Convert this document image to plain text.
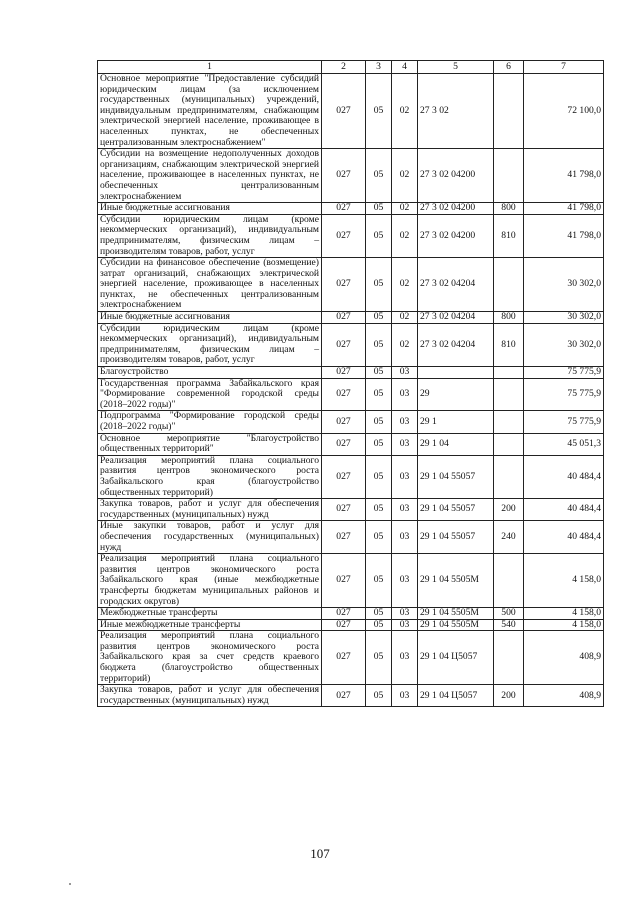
1	2	3	4	5	6	7
Основное мероприятие "Предоставление субсидий юридическим лицам (за исключением государственных (муниципальных) учреждений, индивидуальным предпринимателям, снабжающим электрической энергией население, проживающее в населенных пунктах, не обеспеченных централизованным электроснабжением"	027	05	02	27 3 02		72 100,0
Субсидии на возмещение недополученных доходов организациям, снабжающим электрической энергией население, проживающее в населенных пунктах, не обеспеченных централизованным электроснабжением	027	05	02	27 3 02 04200		41 798,0
Иные бюджетные ассигнования	027	05	02	27 3 02 04200	800	41 798,0
Субсидии юридическим лицам (кроме некоммерческих организаций), индивидуальным предпринимателям, физическим лицам – производителям товаров, работ, услуг	027	05	02	27 3 02 04200	810	41 798,0
Субсидии на финансовое обеспечение (возмещение) затрат организаций, снабжающих электрической энергией население, проживающее в населенных пунктах, не обеспеченных централизованным электроснабжением	027	05	02	27 3 02 04204		30 302,0
Иные бюджетные ассигнования	027	05	02	27 3 02 04204	800	30 302,0
Субсидии юридическим лицам (кроме некоммерческих организаций), индивидуальным предпринимателям, физическим лицам – производителям товаров, работ, услуг	027	05	02	27 3 02 04204	810	30 302,0
Благоустройство	027	05	03			75 775,9
Государственная программа Забайкальского края "Формирование современной городской среды (2018–2022 годы)"	027	05	03	29		75 775,9
Подпрограмма "Формирование городской среды (2018–2022 годы)"	027	05	03	29 1		75 775,9
Основное мероприятие "Благоустройство общественных территорий"	027	05	03	29 1 04		45 051,3
Реализация мероприятий плана социального развития центров экономического роста Забайкальского края (благоустройство общественных территорий)	027	05	03	29 1 04 55057		40 484,4
Закупка товаров, работ и услуг для обеспечения государственных (муниципальных) нужд	027	05	03	29 1 04 55057	200	40 484,4
Иные закупки товаров, работ и услуг для обеспечения государственных (муниципальных) нужд	027	05	03	29 1 04 55057	240	40 484,4
Реализация мероприятий плана социального развития центров экономического роста Забайкальского края (иные межбюджетные трансферты бюджетам муниципальных районов и городских округов)	027	05	03	29 1 04 5505М		4 158,0
Межбюджетные трансферты	027	05	03	29 1 04 5505М	500	4 158,0
Иные межбюджетные трансферты	027	05	03	29 1 04 5505М	540	4 158,0
Реализация мероприятий плана социального развития центров экономического роста Забайкальского края за счет средств краевого бюджета (благоустройство общественных территорий)	027	05	03	29 1 04 Ц5057		408,9
Закупка товаров, работ и услуг для обеспечения государственных (муниципальных) нужд	027	05	03	29 1 04 Ц5057	200	408,9
107
